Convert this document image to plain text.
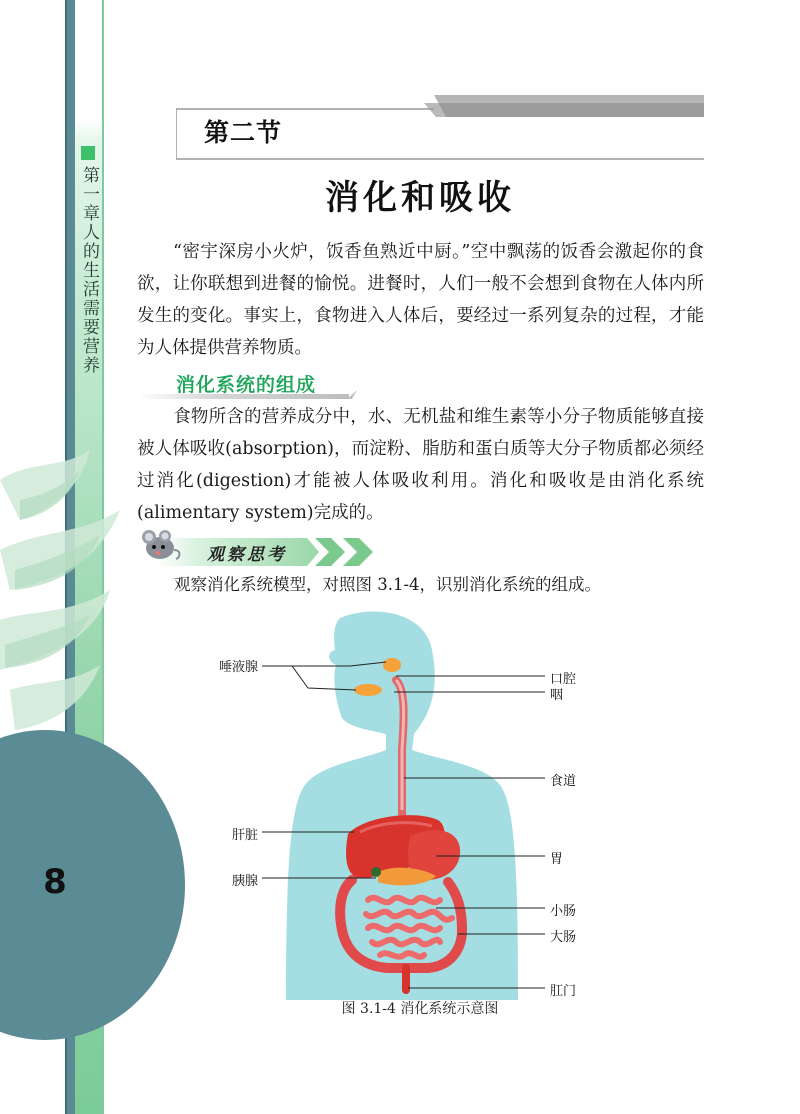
8
第一章人的生活需要营养
第二节
消化和吸收

“密宇深房小火炉，饭香鱼熟近中厨。”空中飘荡的饭香会激起你的食欲，让你联想到进餐的愉悦。进餐时，人们一般不会想到食物在人体内所发生的变化。事实上，食物进入人体后，要经过一系列复杂的过程，才能为人体提供营养物质。

消化系统的组成

食物所含的营养成分中，水、无机盐和维生素等小分子物质能够直接被人体吸收(absorption)，而淀粉、脂肪和蛋白质等大分子物质都必须经过消化(digestion)才能被人体吸收利用。消化和吸收是由消化系统(alimentary system)完成的。

观察思考

观察消化系统模型，对照图 3.1-4，识别消化系统的组成。

唾液腺
肝脏
胰腺
口腔
咽
食道
胃
小肠
大肠
肛门
图 3.1-4 消化系统示意图
